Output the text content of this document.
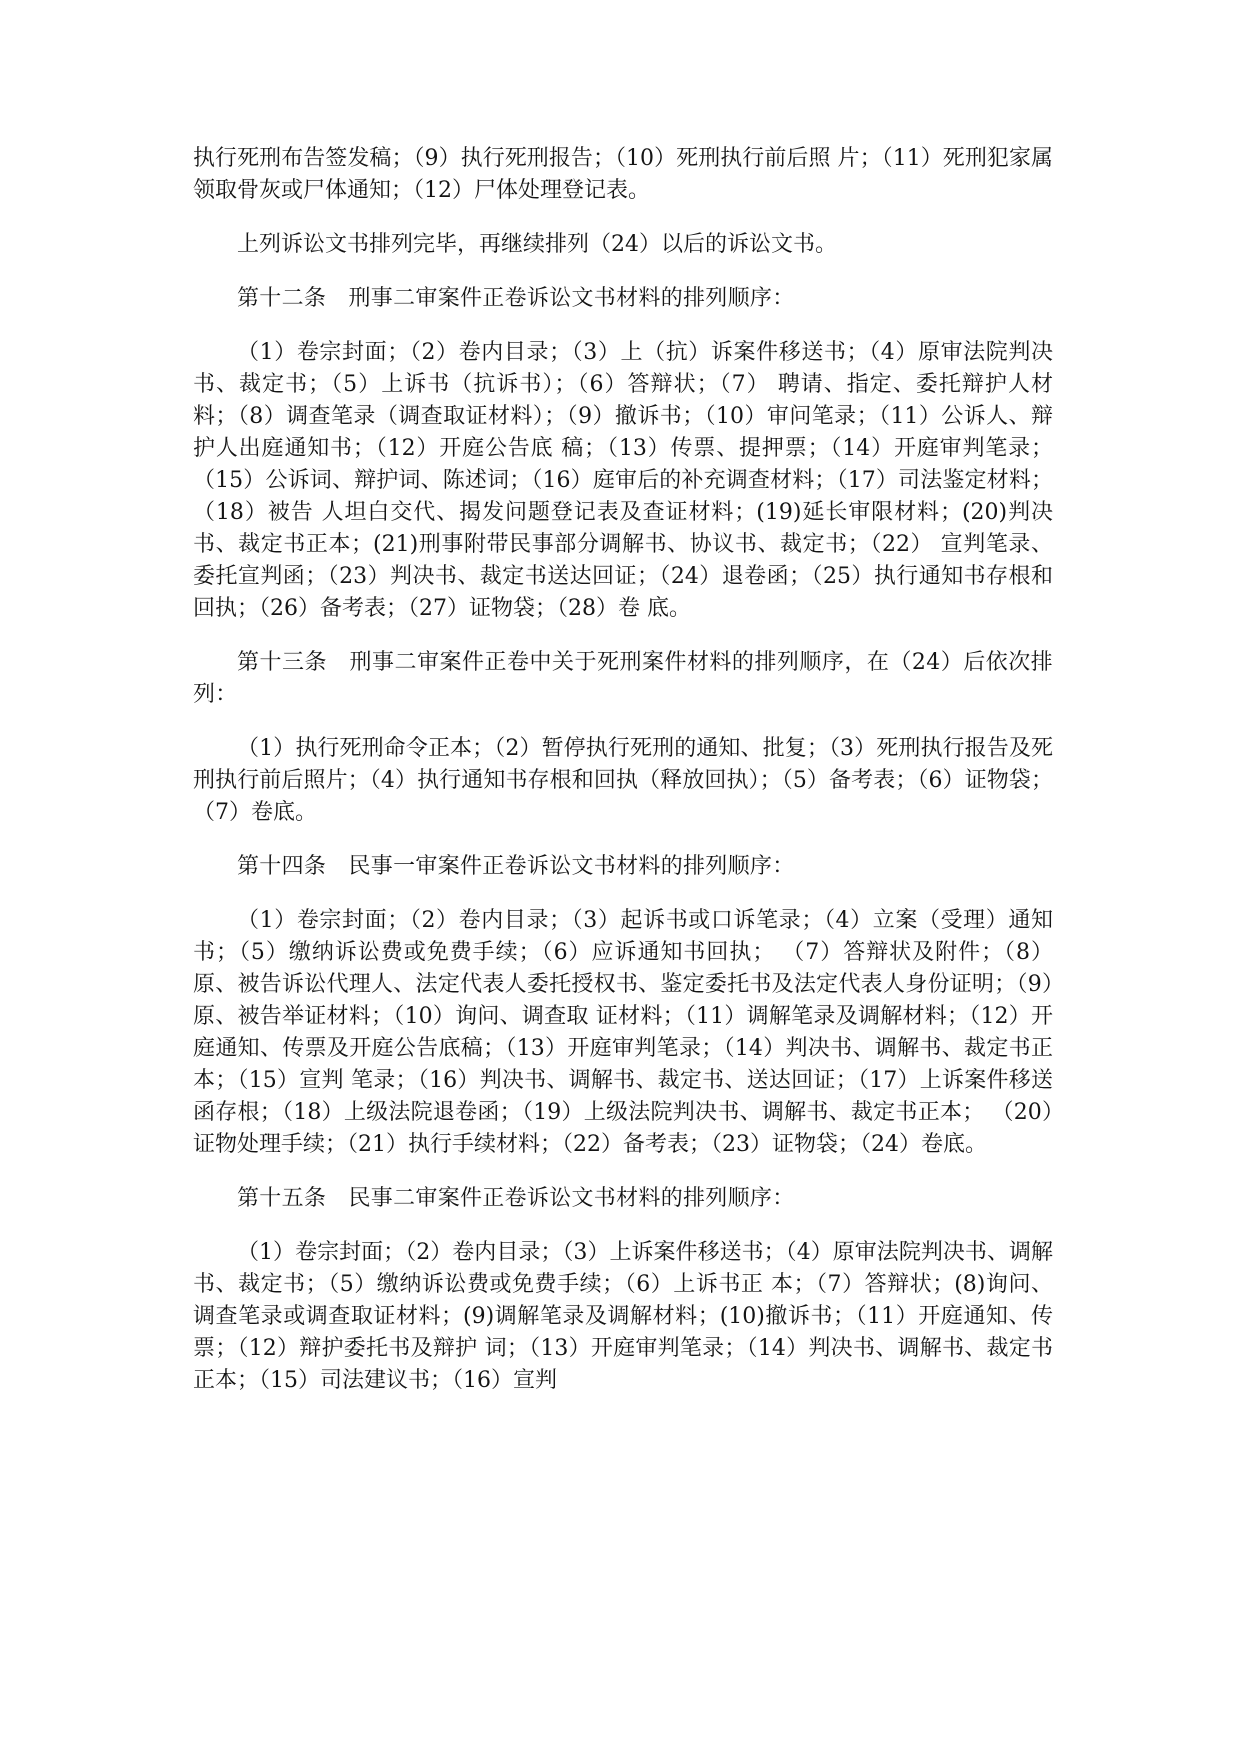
执行死刑布告签发稿；（9）执行死刑报告；（10）死刑执行前后照 片；（11）死刑犯家属领取骨灰或尸体通知；（12）尸体处理登记表。

上列诉讼文书排列完毕，再继续排列（24）以后的诉讼文书。

第十二条　刑事二审案件正卷诉讼文书材料的排列顺序：

（1）卷宗封面；（2）卷内目录；（3）上（抗）诉案件移送书；（4）原审法院判决书、裁定书；（5）上诉书（抗诉书）；（6）答辩状；（7） 聘请、指定、委托辩护人材料；（8）调查笔录（调查取证材料）；（9）撤诉书；（10）审问笔录；（11）公诉人、辩护人出庭通知书；（12）开庭公告底 稿；（13）传票、提押票；（14）开庭审判笔录；（15）公诉词、辩护词、陈述词；（16）庭审后的补充调查材料；（17）司法鉴定材料；（18）被告 人坦白交代、揭发问题登记表及查证材料；(19)延长审限材料；(20)判决书、裁定书正本；(21)刑事附带民事部分调解书、协议书、裁定书；（22） 宣判笔录、委托宣判函；（23）判决书、裁定书送达回证；（24）退卷函；（25）执行通知书存根和回执；（26）备考表；（27）证物袋；（28）卷 底。

第十三条　刑事二审案件正卷中关于死刑案件材料的排列顺序，在（24）后依次排列：

（1）执行死刑命令正本；（2）暂停执行死刑的通知、批复；（3）死刑执行报告及死刑执行前后照片；（4）执行通知书存根和回执（释放回执）；（5）备考表；（6）证物袋；（7）卷底。

第十四条　民事一审案件正卷诉讼文书材料的排列顺序：

（1）卷宗封面；（2）卷内目录；（3）起诉书或口诉笔录；（4）立案（受理）通知书；（5）缴纳诉讼费或免费手续；（6）应诉通知书回执； （7）答辩状及附件；（8）原、被告诉讼代理人、法定代表人委托授权书、鉴定委托书及法定代表人身份证明；（9）原、被告举证材料；（10）询问、调查取 证材料；（11）调解笔录及调解材料；（12）开庭通知、传票及开庭公告底稿；（13）开庭审判笔录；（14）判决书、调解书、裁定书正本；（15）宣判 笔录；（16）判决书、调解书、裁定书、送达回证；（17）上诉案件移送函存根；（18）上级法院退卷函；（19）上级法院判决书、调解书、裁定书正本； （20）证物处理手续；（21）执行手续材料；（22）备考表；（23）证物袋；（24）卷底。

第十五条　民事二审案件正卷诉讼文书材料的排列顺序：

（1）卷宗封面；（2）卷内目录；（3）上诉案件移送书；（4）原审法院判决书、调解书、裁定书；（5）缴纳诉讼费或免费手续；（6）上诉书正 本；（7）答辩状；(8)询问、调查笔录或调查取证材料；(9)调解笔录及调解材料；(10)撤诉书；（11）开庭通知、传票；（12）辩护委托书及辩护 词；（13）开庭审判笔录；（14）判决书、调解书、裁定书正本；（15）司法建议书；（16）宣判
